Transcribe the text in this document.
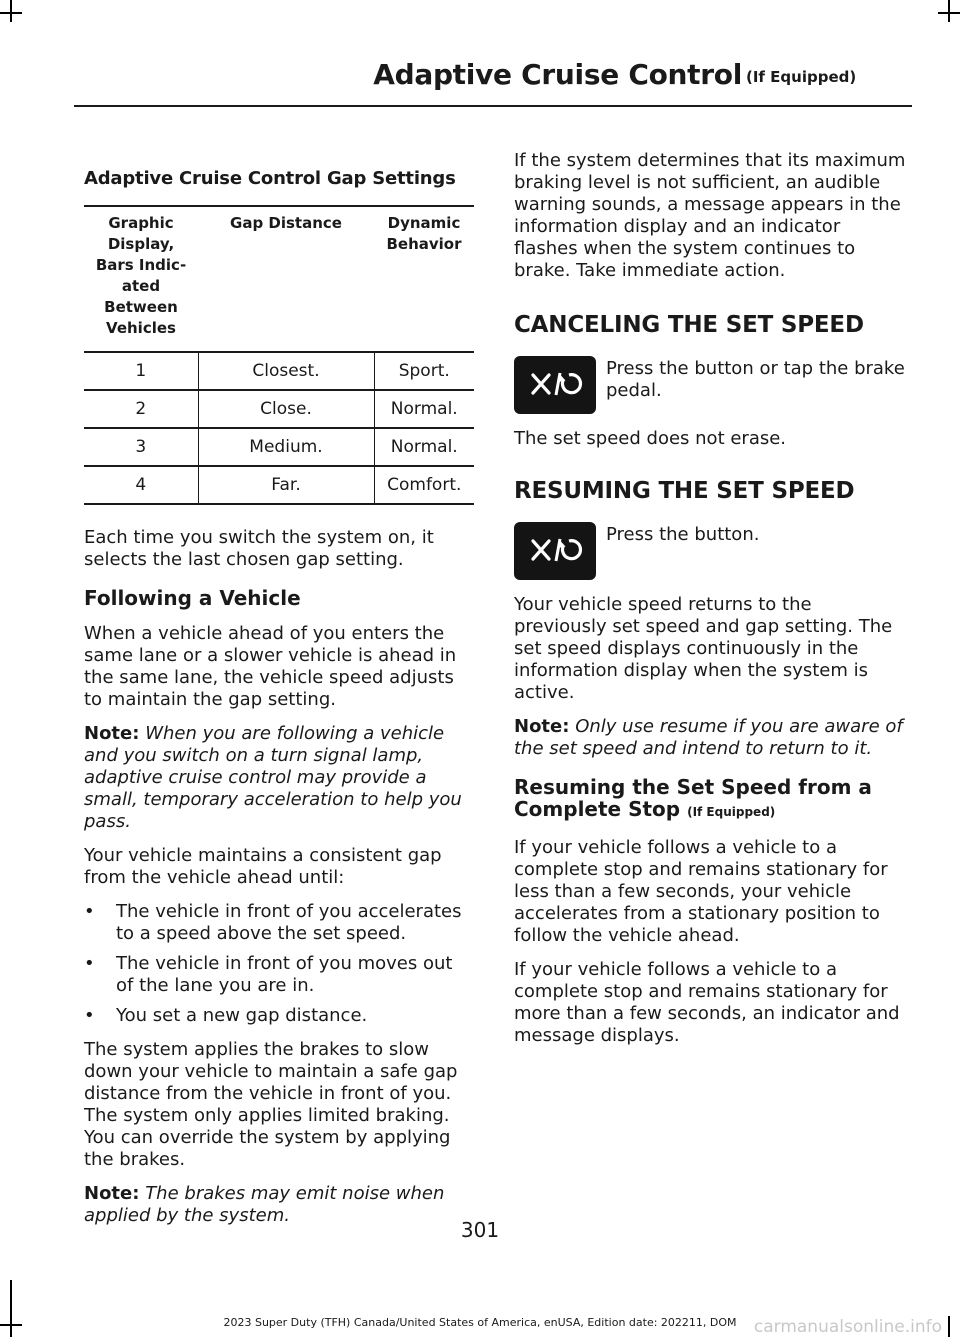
Adaptive Cruise Control (If Equipped)
Adaptive Cruise Control Gap Settings
Graphic Display, Bars Indic- ated Between Vehicles	Gap Distance	Dynamic Behavior
1	Closest.	Sport.
2	Close.	Normal.
3	Medium.	Normal.
4	Far.	Comfort.

Each time you switch the system on, it selects the last chosen gap setting.

Following a Vehicle

When a vehicle ahead of you enters the same lane or a slower vehicle is ahead in the same lane, the vehicle speed adjusts to maintain the gap setting.

Note: When you are following a vehicle and you switch on a turn signal lamp, adaptive cruise control may provide a small, temporary acceleration to help you pass.

Your vehicle maintains a consistent gap from the vehicle ahead until:

• The vehicle in front of you accelerates to a speed above the set speed.
• The vehicle in front of you moves out of the lane you are in.
• You set a new gap distance.

The system applies the brakes to slow down your vehicle to maintain a safe gap distance from the vehicle in front of you. The system only applies limited braking. You can override the system by applying the brakes.

Note: The brakes may emit noise when applied by the system.

If the system determines that its maximum braking level is not sufficient, an audible warning sounds, a message appears in the information display and an indicator flashes when the system continues to brake. Take immediate action.

CANCELING THE SET SPEED

Press the button or tap the brake pedal.

The set speed does not erase.

RESUMING THE SET SPEED

Press the button.

Your vehicle speed returns to the previously set speed and gap setting. The set speed displays continuously in the information display when the system is active.

Note: Only use resume if you are aware of the set speed and intend to return to it.

Resuming the Set Speed from a Complete Stop (If Equipped)

If your vehicle follows a vehicle to a complete stop and remains stationary for less than a few seconds, your vehicle accelerates from a stationary position to follow the vehicle ahead.

If your vehicle follows a vehicle to a complete stop and remains stationary for more than a few seconds, an indicator and message displays.

301
2023 Super Duty (TFH) Canada/United States of America, enUSA, Edition date: 202211, DOM	carmanualsonline.info
